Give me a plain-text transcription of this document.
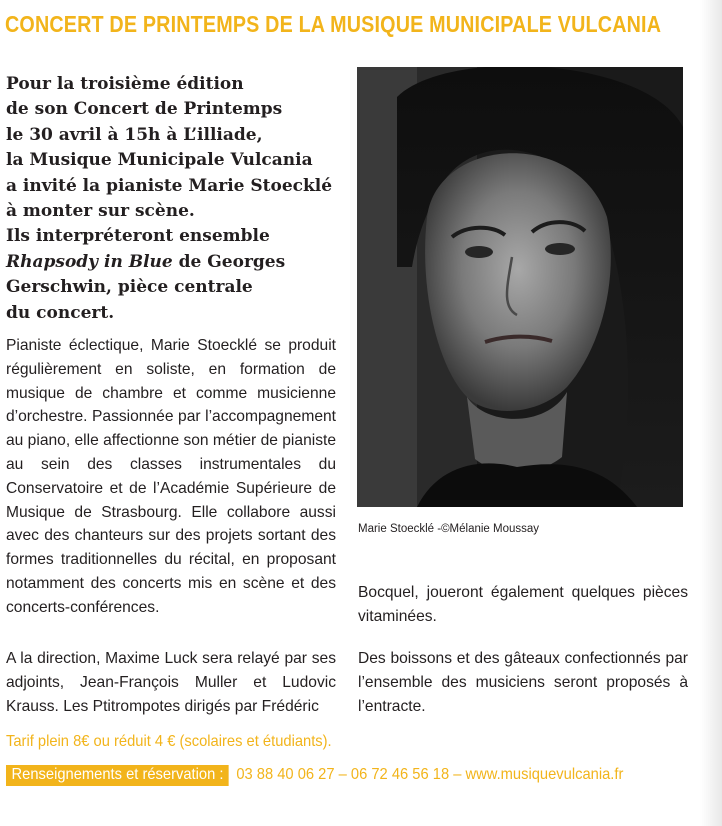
CONCERT DE PRINTEMPS DE LA MUSIQUE MUNICIPALE VULCANIA
Pour la troisième édition
de son Concert de Printemps
le 30 avril à 15h à L’illiade,
la Musique Municipale Vulcania
a invité la pianiste Marie Stoecklé
à monter sur scène.
Ils interpréteront ensemble
Rhapsody in Blue de Georges
Gerschwin, pièce centrale
du concert.
Pianiste éclectique, Marie Stoecklé se produit régulièrement en soliste, en formation de musique de chambre et comme musicienne d’orchestre. Passionnée par l’accompagnement au piano, elle affectionne son métier de pianiste au sein des classes instrumentales du Conservatoire et de l’Académie Supérieure de Musique de Strasbourg. Elle collabore aussi avec des chanteurs sur des projets sortant des formes traditionnelles du récital, en proposant notamment des concerts mis en scène et des concerts-conférences.
A la direction, Maxime Luck sera relayé par ses adjoints, Jean-François Muller et Ludovic Krauss. Les Ptitrompotes dirigés par Frédéric
Marie Stoecklé -©Mélanie Moussay
Bocquel, joueront également quelques pièces vitaminées.
Des boissons et des gâteaux confectionnés par l’ensemble des musiciens seront proposés à l’entracte.
Tarif plein 8€ ou réduit 4 € (scolaires et étudiants).
Renseignements et réservation : 03 88 40 06 27 – 06 72 46 56 18 – www.musiquevulcania.fr
